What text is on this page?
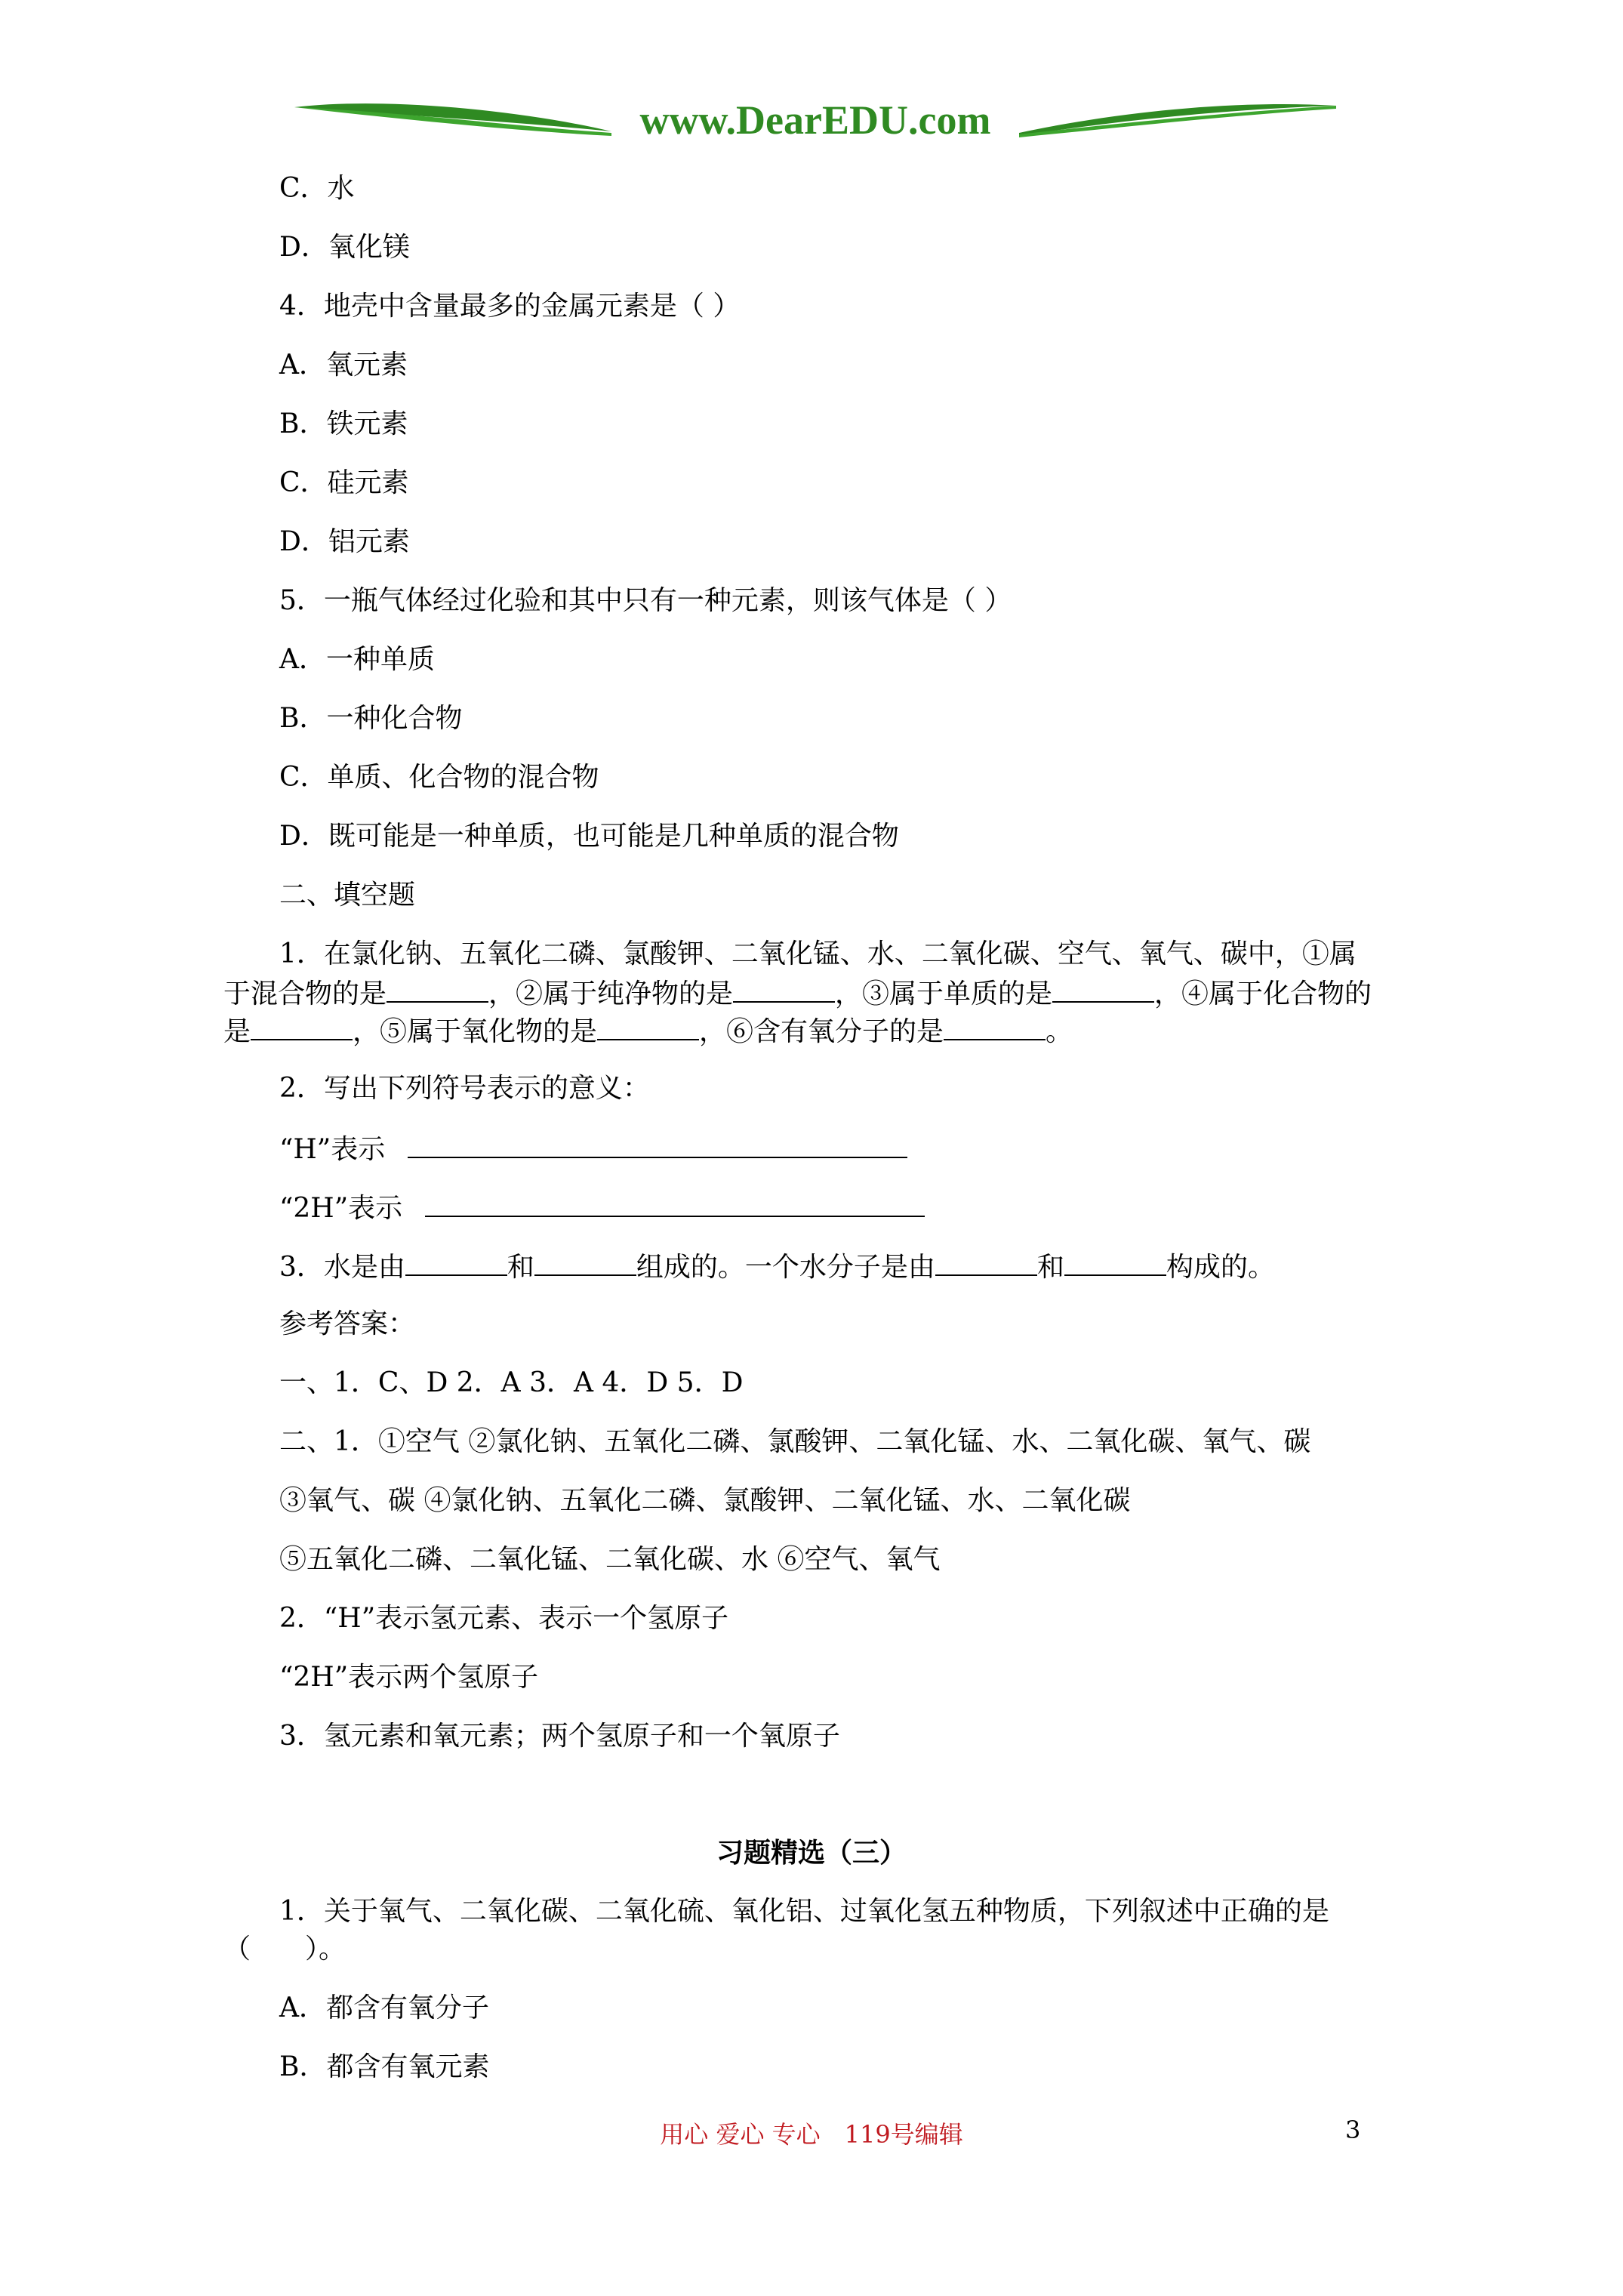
www.DearEDU.com
C．水
D．氧化镁
4．地壳中含量最多的金属元素是（ ）
A．氧元素
B．铁元素
C．硅元素
D．铝元素
5．一瓶气体经过化验和其中只有一种元素，则该气体是（ ）
A．一种单质
B．一种化合物
C．单质、化合物的混合物
D．既可能是一种单质，也可能是几种单质的混合物
二、填空题
1．在氯化钠、五氧化二磷、氯酸钾、二氧化锰、水、二氧化碳、空气、氧气、碳中，①属
于混合物的是	，②属于纯净物的是	，③属于单质的是	，④属于化合物的
是	，⑤属于氧化物的是	，⑥含有氧分子的是	。
2．写出下列符号表示的意义：
“H”表示
“2H”表示
3．水是由	和	组成的。一个水分子是由	和	构成的。
参考答案：
一、1．C、D 2．A 3．A 4．D 5．D
二、1．①空气 ②氯化钠、五氧化二磷、氯酸钾、二氧化锰、水、二氧化碳、氧气、碳
③氧气、碳 ④氯化钠、五氧化二磷、氯酸钾、二氧化锰、水、二氧化碳
⑤五氧化二磷、二氧化锰、二氧化碳、水 ⑥空气、氧气
2．“H”表示氢元素、表示一个氢原子
“2H”表示两个氢原子
3．氢元素和氧元素；两个氢原子和一个氧原子
习题精选（三）
1．关于氧气、二氧化碳、二氧化硫、氧化铝、过氧化氢五种物质，下列叙述中正确的是
（　　）。
A．都含有氧分子
B．都含有氧元素
用心 爱心 专心　119号编辑	3
